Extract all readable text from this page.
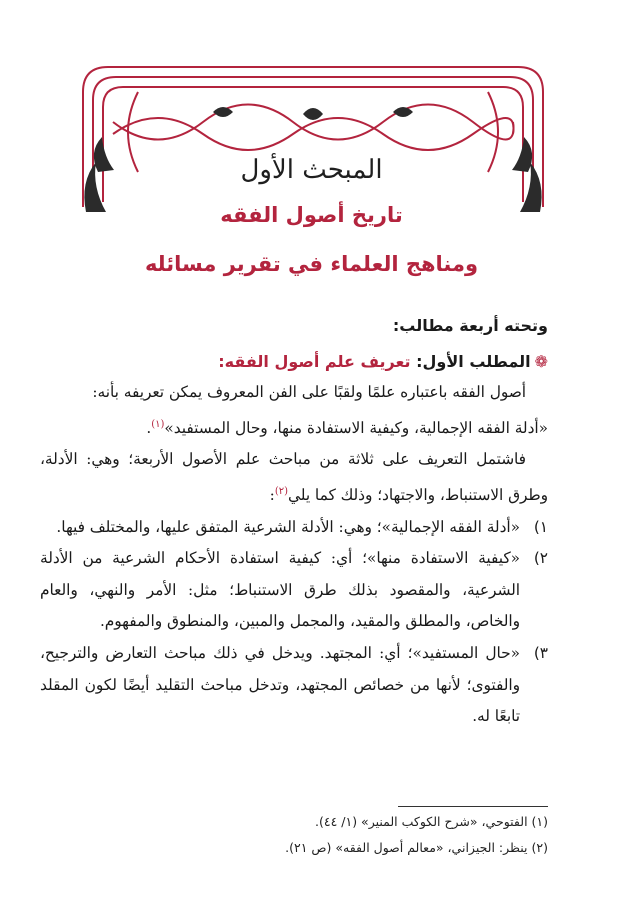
المبحث الأول
تاريخ أصول الفقه
ومناهج العلماء في تقرير مسائله

وتحته أربعة مطالب:

❁المطلب الأول: تعريف علم أصول الفقه:

أصول الفقه باعتباره علمًا ولقبًا على الفن المعروف يمكن تعريفه بأنه:

«أدلة الفقه الإجمالية، وكيفية الاستفادة منها، وحال المستفيد»$^{(١)}$.

فاشتمل التعريف على ثلاثة من مباحث علم الأصول الأربعة؛ وهي: الأدلة، وطرق الاستنباط، والاجتهاد؛ وذلك كما يلي$^{(٢)}$:

١)
«أدلة الفقه الإجمالية»؛ وهي: الأدلة الشرعية المتفق عليها، والمختلف فيها.
٢)
«كيفية الاستفادة منها»؛ أي: كيفية استفادة الأحكام الشرعية من الأدلة الشرعية، والمقصود بذلك طرق الاستنباط؛ مثل: الأمر والنهي، والعام والخاص، والمطلق والمقيد، والمجمل والمبين، والمنطوق والمفهوم.
٣)
«حال المستفيد»؛ أي: المجتهد. ويدخل في ذلك مباحث التعارض والترجيح، والفتوى؛ لأنها من خصائص المجتهد، وتدخل مباحث التقليد أيضًا لكون المقلد تابعًا له.
(١) الفتوحي، «شرح الكوكب المنير» (١/ ٤٤).
(٢) ينظر: الجيزاني، «معالم أصول الفقه» (ص ٢١).
